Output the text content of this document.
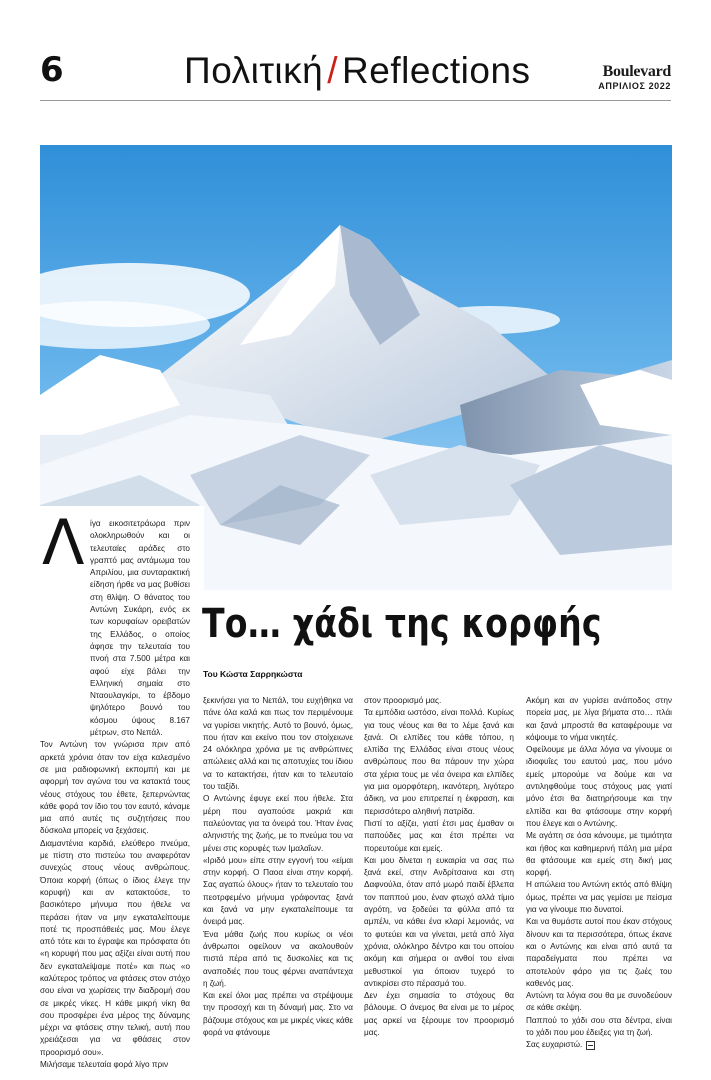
6	Πολιτική / Reflections	Boulevard
ΑΠΡΙΛΙΟΣ 2022
Λ
Το… χάδι της κορφής
Του Κώστα Σαρρηκώστα

ίγα εικοσιτετράωρα πριν ολοκληρωθούν και οι τελευταίες αράδες στο γραπτό μας αντάμωμα του Απριλίου, μια συνταρακτική είδηση ήρθε να μας βυθίσει στη θλίψη. Ο θάνατος του Αντώνη Συκάρη, ενός εκ των κορυφαίων ορειβατών της Ελλάδος, ο οποίος άφησε την τελευταία του πνοή στα 7.500 μέτρα και αφού είχε βάλει την Ελληνική σημαία στο Νταουλαγκίρι, το έβδομο ψηλότερο βουνό του κόσμου ύψους 8.167 μέτρων, στο Νεπάλ.

Τον Αντώνη τον γνώρισα πριν από αρκετά χρόνια όταν τον είχα καλεσμένο σε μια ραδιοφωνική εκπομπή και με αφορμή τον αγώνα του να κατακτά τους νέους στόχους του έθετε, ξεπερνώντας κάθε φορά τον ίδιο του τον εαυτό, κάναμε μια από αυτές τις συζητήσεις που δύσκολα μπορείς να ξεχάσεις.

Διαμαντένια καρδιά, ελεύθερο πνεύμα, με πίστη στο πιστεύω του αναφερόταν συνεχώς στους νέους ανθρώπους. Όποια κορφή (όπως ο ίδιος έλεγε την κορυφή) και αν κατακτούσε, το βασικότερο μήνυμα που ήθελε να περάσει ήταν να μην εγκαταλείπουμε ποτέ τις προσπάθειές μας. Μου έλεγε από τότε και το έγραψε και πρόσφατα ότι «η κορυφή που μας αξίζει είναι αυτή που δεν εγκαταλείψαμε ποτέ» και πως «ο καλύτερος τρόπος να φτάσεις στον στόχο σου είναι να χωρίσεις την διαδρομή σου σε μικρές νίκες. Η κάθε μικρή νίκη θα σου προσφέρει ένα μέρος της δύναμης μέχρι να φτάσεις στην τελική, αυτή που χρειάζεσαι για να φθάσεις στον προορισμό σου».

Μιλήσαμε τελευταία φορά λίγο πριν

ξεκινήσει για το Νεπάλ, του ευχήθηκα να πάνε όλα καλά και πως τον περιμένουμε να γυρίσει νικητής. Αυτό το βουνό, όμως, που ήταν και εκείνο που τον στοίχειωνε 24 ολόκληρα χρόνια με τις ανθρώπινες απώλειες αλλά και τις αποτυχίες του ίδιου να το κατακτήσει, ήταν και το τελευταίο του ταξίδι.

Ο Αντώνης έφυγε εκεί που ήθελε. Στα μέρη που αγαπούσε μακριά και παλεύοντας για τα όνειρά του. Ήταν ένας αληνιστής της ζωής, με το πνεύμα του να μένει στις κορυφές των Ιμαλαΐων.

«Ιριδό μου» είπε στην εγγονή του «είμαι στην κορφή. Ο Παοα είναι στην κορφή. Σας αγαπώ όλους» ήταν το τελευταίο του πεοτρφεμένο μήνυμα γράφοντας ξανά και ξανά να μην εγκαταλείπουμε τα όνειρά μας.

Ένα μάθα ζωής που κυρίως οι νέοι άνθρωποι οφείλουν να ακολουθούν πιστά πέρα από τις δυσκολίες και τις αναποδιές που τους φέρνει αναπάντεχα η ζωή.

Και εκεί όλοι μας πρέπει να στρέψουμε την προσοχή και τη δύναμή μας. Στο να βάζουμε στόχους και με μικρές νίκες κάθε φορά να φτάνουμε

στον προορισμό μας.

Τα εμπόδια ωστόσο, είναι πολλά. Κυρίως για τους νέους και θα το λέμε ξανά και ξανά. Οι ελπίδες του κάθε τόπου, η ελπίδα της Ελλάδας είναι στους νέους ανθρώπους που θα πάρουν την χώρα στα χέρια τους με νέα όνειρα και ελπίδες για μια ομορφότερη, ικανότερη, λιγότερο άδικη, να μου επιτρεπεί η έκφραση, και περισσότερο αληθινή πατρίδα.

Πιστί το αξίζει, γιατί έτσι μας έμαθαν οι παπούδες μας και έτσι πρέπει να πορευτούμε και εμείς.

Και μου δίνεται η ευκαιρία να σας πω ξανά εκεί, στην Ανδρίτσαινα και στη Δαφνούλα, όταν από μωρό παιδί έβλεπα τον παππού μου, έναν φτωχό αλλά τίμιο αγρότη, να ξοδεύει τα φύλλα από τα αμπέλι, να κάθει ένα κλαρί λεμονιάς, να το φυτεύει και να γίνεται, μετά από λίγα χρόνια, ολόκληρο δέντρο και του οποίου ακόμη και σήμερα οι ανθοί του είναι μεθυστικοί για όποιον τυχερό το αντικρίσει στο πέρασμά του.

Δεν έχει σημασία το στόχους θα βάλουμε. Ο άνεμος θα είναι με το μέρος μας αρκεί να ξέρουμε τον προορισμό μας.

Ακόμη και αν γυρίσει ανάποδος στην πορεία μας, με λίγα βήματα στο… πλάι και ξανά μπροστά θα καταφέρουμε να κόψουμε το νήμα νικητές.

Οφείλουμε με άλλα λόγια να γίνουμε οι ιδιοφυΐες του εαυτού μας, που μόνο εμείς μπορούμε να δούμε και να αντιληφθούμε τους στόχους μας γιατί μόνο έτσι θα διατηρήσουμε και την ελπίδα και θα φτάσουμε στην κορφή που έλεγε και ο Αντώνης.

Με αγάπη σε όσα κάνουμε, με τιμιότητα και ήθος και καθημερινή πάλη μια μέρα θα φτάσουμε και εμείς στη δική μας κορφή.

Η απώλεια του Αντώνη εκτός από θλίψη όμως, πρέπει να μας γεμίσει με πείσμα για να γίνουμε πιο δυνατοί.

Και να θυμάστε αυτοί που έκαν στόχους δίνουν και τα περισσότερα, όπως έκανε και ο Αντώνης και είναι από αυτά τα παραδείγματα που πρέπει να αποτελούν φάρο για τις ζωές του καθενός μας.

Αντώνη τα λόγια σου θα με συνοδεύουν σε κάθε σκέψη.

Παππού το χάδι σου στα δέντρα, είναι το χάδι που μου έδειξες για τη ζωή.

Σας ευχαριστώ.
